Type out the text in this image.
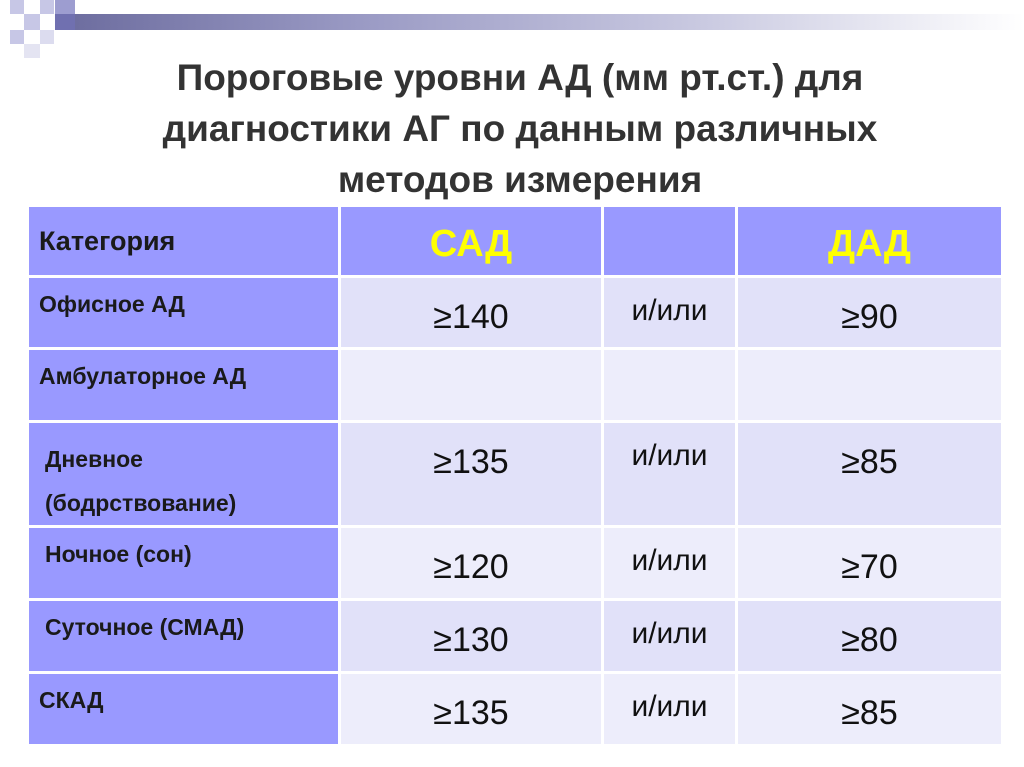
Пороговые уровни АД (мм рт.ст.) для
диагностики АГ по данным различных
методов измерения
Категория	САД		ДАД

Офисное АД	≥140	и/или	≥90

Амбулаторное АД			

Дневное
(бодрствование)	≥135	и/или	≥85

Ночное (сон)	≥120	и/или	≥70

Суточное (СМАД)	≥130	и/или	≥80

СКАД	≥135	и/или	≥85
